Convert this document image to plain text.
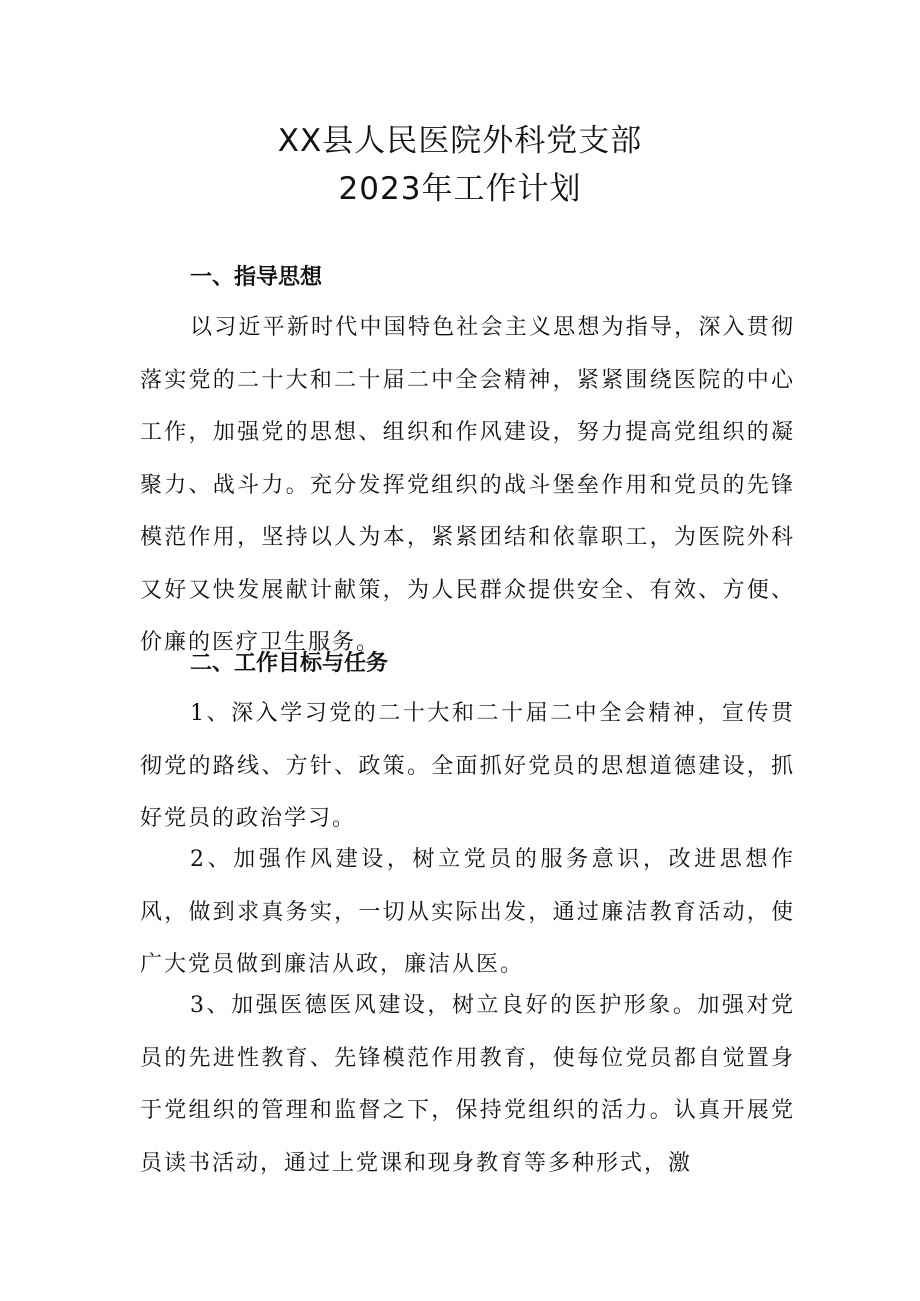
XX县人民医院外科党支部
2023年工作计划
一、指导思想

以习近平新时代中国特色社会主义思想为指导，深入贯彻落实党的二十大和二十届二中全会精神，紧紧围绕医院的中心工作，加强党的思想、组织和作风建设，努力提高党组织的凝聚力、战斗力。充分发挥党组织的战斗堡垒作用和党员的先锋模范作用，坚持以人为本，紧紧团结和依靠职工，为医院外科又好又快发展献计献策，为人民群众提供安全、有效、方便、价廉的医疗卫生服务。

二、工作目标与任务

1、深入学习党的二十大和二十届二中全会精神，宣传贯彻党的路线、方针、政策。全面抓好党员的思想道德建设，抓好党员的政治学习。

2、加强作风建设，树立党员的服务意识，改进思想作风，做到求真务实，一切从实际出发，通过廉洁教育活动，使广大党员做到廉洁从政，廉洁从医。

3、加强医德医风建设，树立良好的医护形象。加强对党员的先进性教育、先锋模范作用教育，使每位党员都自觉置身于党组织的管理和监督之下，保持党组织的活力。认真开展党员读书活动，通过上党课和现身教育等多种形式，激
